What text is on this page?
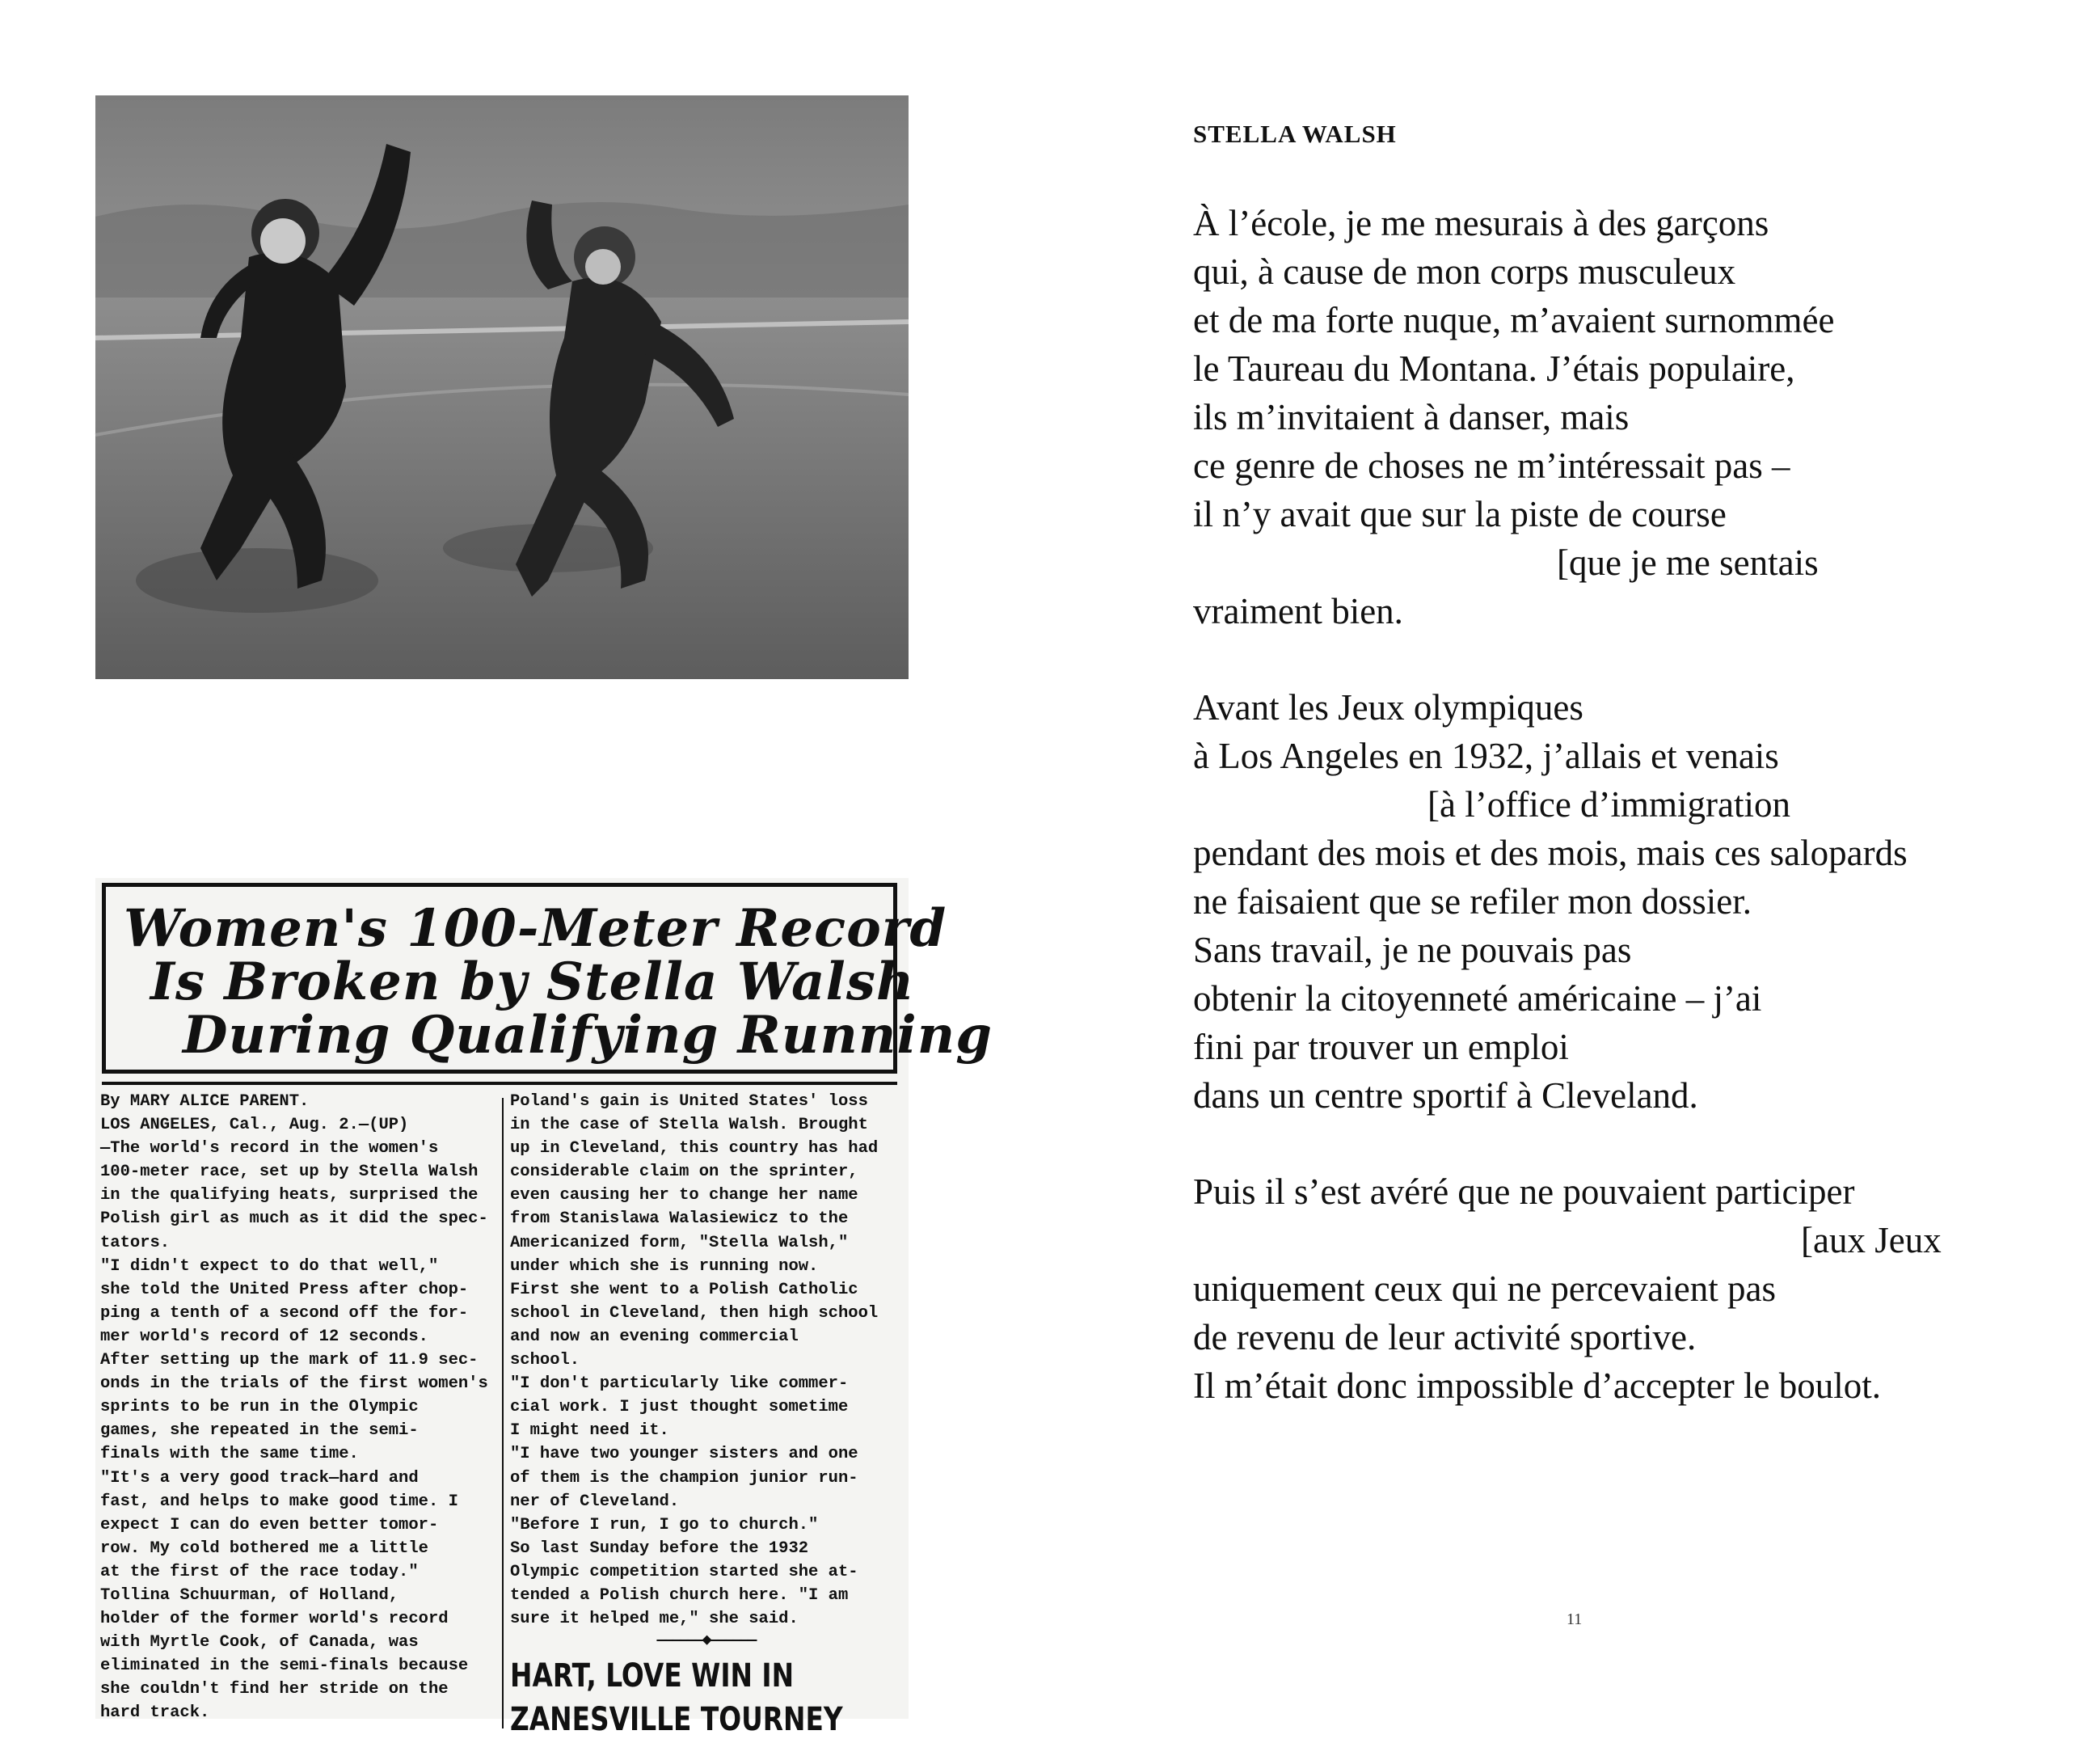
Women's 100-Meter Record
Is Broken by Stella Walsh
During Qualifying Running
By MARY ALICE PARENT.
LOS ANGELES, Cal., Aug. 2.—(UP)
—The world's record in the women's
100-meter race, set up by Stella Walsh
in the qualifying heats, surprised the
Polish girl as much as it did the spec-
tators.
"I didn't expect to do that well,"
she told the United Press after chop-
ping a tenth of a second off the for-
mer world's record of 12 seconds.
After setting up the mark of 11.9 sec-
onds in the trials of the first women's
sprints to be run in the Olympic
games, she repeated in the semi-
finals with the same time.
"It's a very good track—hard and
fast, and helps to make good time. I
expect I can do even better tomor-
row. My cold bothered me a little
at the first of the race today."
Tollina Schuurman, of Holland,
holder of the former world's record
with Myrtle Cook, of Canada, was
eliminated in the semi-finals because
she couldn't find her stride on the
hard track.
Poland's gain is United States' loss
in the case of Stella Walsh. Brought
up in Cleveland, this country has had
considerable claim on the sprinter,
even causing her to change her name
from Stanislawa Walasiewicz to the
Americanized form, "Stella Walsh,"
under which she is running now.
First she went to a Polish Catholic
school in Cleveland, then high school
and now an evening commercial
school.
"I don't particularly like commer-
cial work. I just thought sometime
I might need it.
"I have two younger sisters and one
of them is the champion junior run-
ner of Cleveland.
"Before I run, I go to church."
So last Sunday before the 1932
Olympic competition started she at-
tended a Polish church here. "I am
sure it helped me," she said.
——————◆——————
HART, LOVE WIN IN
ZANESVILLE TOURNEY
STELLA WALSH
À l’école, je me mesurais à des garçons
qui, à cause de mon corps musculeux
et de ma forte nuque, m’avaient surnommée
le Taureau du Montana. J’étais populaire,
ils m’invitaient à danser, mais
ce genre de choses ne m’intéressait pas –
il n’y avait que sur la piste de course
[que je me sentais
vraiment bien.
Avant les Jeux olympiques
à Los Angeles en 1932, j’allais et venais
[à l’office d’immigration
pendant des mois et des mois, mais ces salopards
ne faisaient que se refiler mon dossier.
Sans travail, je ne pouvais pas
obtenir la citoyenneté américaine – j’ai
fini par trouver un emploi
dans un centre sportif à Cleveland.
Puis il s’est avéré que ne pouvaient participer
[aux Jeux
uniquement ceux qui ne percevaient pas
de revenu de leur activité sportive.
Il m’était donc impossible d’accepter le boulot.
11
